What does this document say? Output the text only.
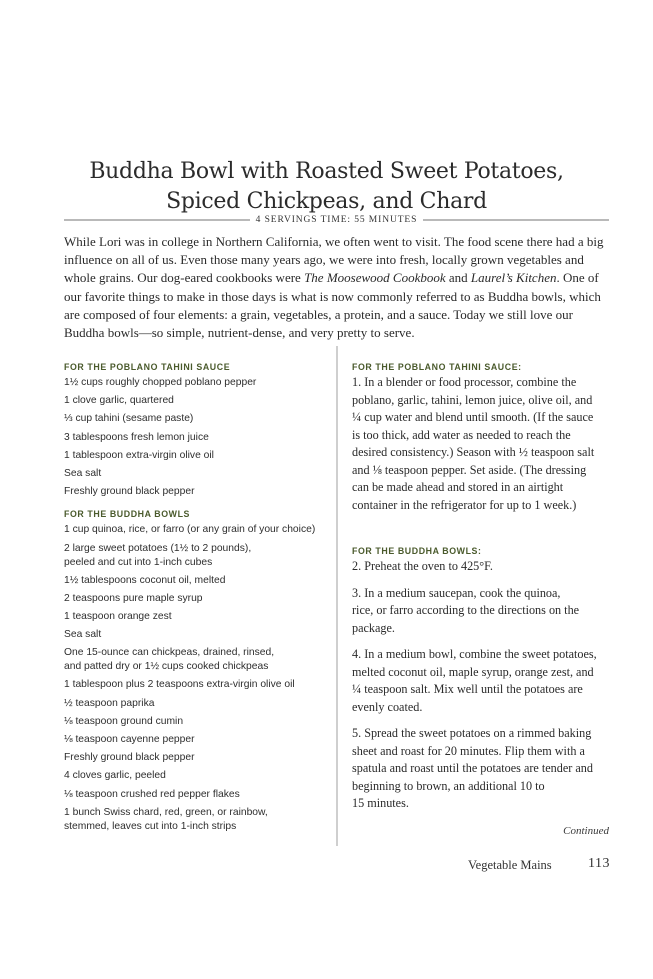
Buddha Bowl with Roasted Sweet Potatoes,
Spiced Chickpeas, and Chard
4 SERVINGS TIME: 55 MINUTES

While Lori was in college in Northern California, we often went to visit. The food scene there had a big influence on all of us. Even those many years ago, we were into fresh, locally grown vegetables and whole grains. Our dog-eared cookbooks were The Moosewood Cookbook and Laurel’s Kitchen. One of our favorite things to make in those days is what is now commonly referred to as Buddha bowls, which are composed of four elements: a grain, vegetables, a protein, and a sauce. Today we still love our Buddha bowls—so simple, nutrient-dense, and very pretty to serve.

FOR THE POBLANO TAHINI SAUCE
1½ cups roughly chopped poblano pepper
1 clove garlic, quartered
⅓ cup tahini (sesame paste)
3 tablespoons fresh lemon juice
1 tablespoon extra-virgin olive oil
Sea salt
Freshly ground black pepper
FOR THE BUDDHA BOWLS
1 cup quinoa, rice, or farro (or any grain of your choice)
2 large sweet potatoes (1½ to 2 pounds),
peeled and cut into 1-inch cubes
1½ tablespoons coconut oil, melted
2 teaspoons pure maple syrup
1 teaspoon orange zest
Sea salt
One 15-ounce can chickpeas, drained, rinsed,
and patted dry or 1½ cups cooked chickpeas
1 tablespoon plus 2 teaspoons extra-virgin olive oil
½ teaspoon paprika
⅛ teaspoon ground cumin
⅛ teaspoon cayenne pepper
Freshly ground black pepper
4 cloves garlic, peeled
⅛ teaspoon crushed red pepper flakes
1 bunch Swiss chard, red, green, or rainbow,
stemmed, leaves cut into 1-inch strips
FOR THE POBLANO TAHINI SAUCE:

1. In a blender or food processor, combine the
poblano, garlic, tahini, lemon juice, olive oil, and
¼ cup water and blend until smooth. (If the sauce
is too thick, add water as needed to reach the
desired consistency.) Season with ½ teaspoon salt
and ⅛ teaspoon pepper. Set aside. (The dressing
can be made ahead and stored in an airtight
container in the refrigerator for up to 1 week.)

FOR THE BUDDHA BOWLS:

2. Preheat the oven to 425°F.

3. In a medium saucepan, cook the quinoa,
rice, or farro according to the directions on the
package.

4. In a medium bowl, combine the sweet potatoes,
melted coconut oil, maple syrup, orange zest, and
¼ teaspoon salt. Mix well until the potatoes are
evenly coated.

5. Spread the sweet potatoes on a rimmed baking
sheet and roast for 20 minutes. Flip them with a
spatula and roast until the potatoes are tender and
beginning to brown, an additional 10 to
15 minutes.

Continued
Vegetable Mains	113
